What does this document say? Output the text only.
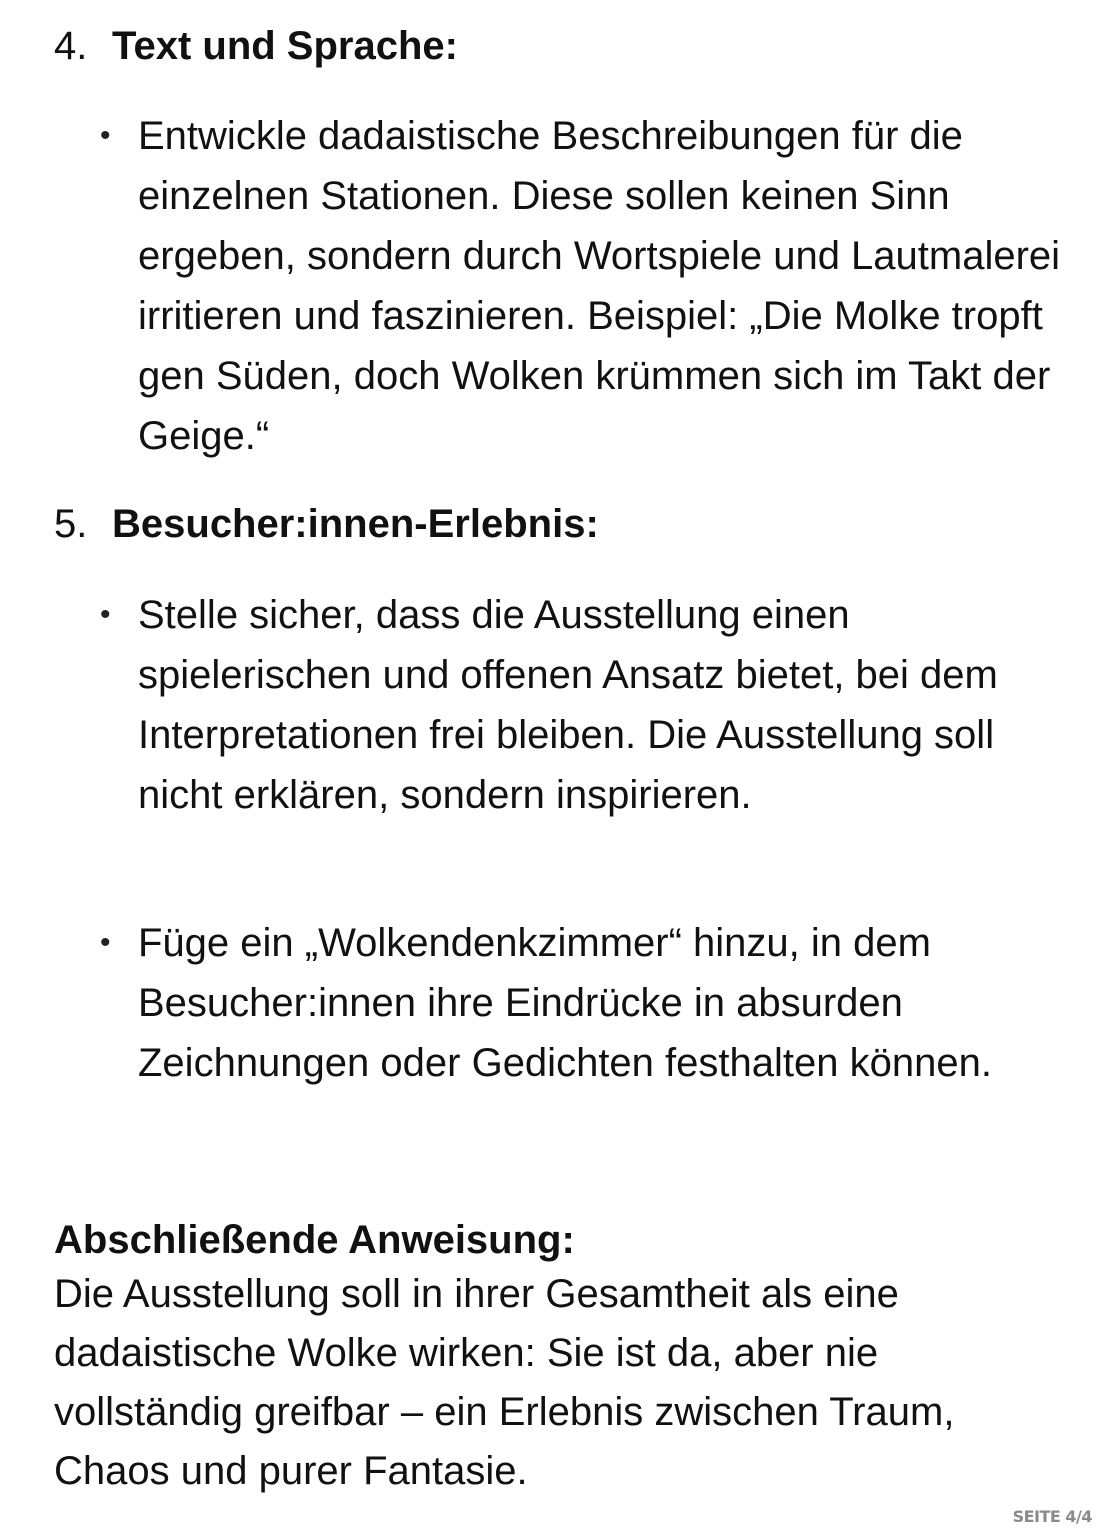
4. Text und Sprache:
• Entwickle dadaistische Beschreibungen für die einzelnen Stationen. Diese sollen keinen Sinn ergeben, sondern durch Wortspiele und Lautmalerei irritieren und faszinieren. Beispiel: „Die Molke tropft gen Süden, doch Wolken krümmen sich im Takt der Geige.“
5. Besucher:innen-Erlebnis:
• Stelle sicher, dass die Ausstellung einen spielerischen und offenen Ansatz bietet, bei dem Interpretationen frei bleiben. Die Ausstellung soll nicht erklären, sondern inspirieren.
• Füge ein „Wolkendenkzimmer“ hinzu, in dem Besucher:innen ihre Eindrücke in absurden Zeichnungen oder Gedichten festhalten können.
Abschließende Anweisung:
Die Ausstellung soll in ihrer Gesamtheit als eine dadaistische Wolke wirken: Sie ist da, aber nie vollständig greifbar – ein Erlebnis zwischen Traum, Chaos und purer Fantasie.
SEITE 4/4
